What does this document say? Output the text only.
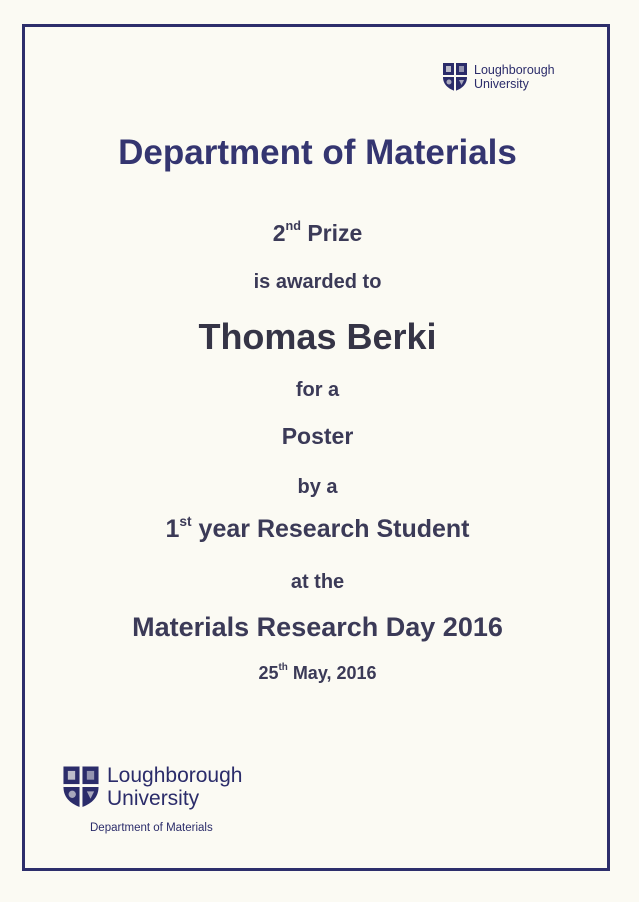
Loughborough
University
Department of Materials
2nd Prize
is awarded to
Thomas Berki
for a
Poster
by a
1st year Research Student
at the
Materials Research Day 2016
25th May, 2016
Loughborough
University
Department of Materials
